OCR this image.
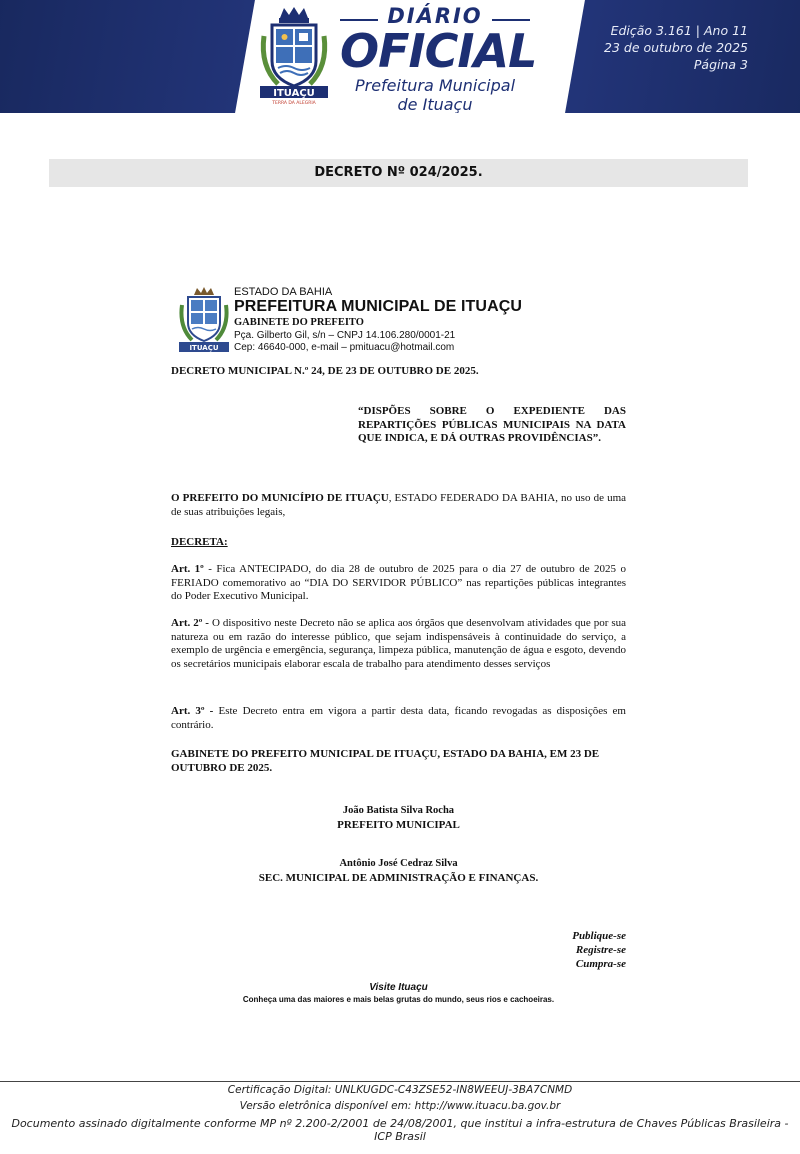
ITUAÇU
TERRA DA ALEGRIA
DIÁRIO
OFICIAL
Prefeitura Municipal
de Ituaçu
Edição 3.161 | Ano 11
23 de outubro de 2025
Página 3
DECRETO Nº 024/2025.
ITUAÇU
ESTADO DA BAHIA
PREFEITURA MUNICIPAL DE ITUAÇU
GABINETE DO PREFEITO
Pça. Gilberto Gil, s/n – CNPJ 14.106.280/0001-21
Cep: 46640-000, e-mail – pmituacu@hotmail.com
DECRETO MUNICIPAL N.º 24, DE 23 DE OUTUBRO DE 2025.
“DISPÕES SOBRE O EXPEDIENTE DAS REPARTIÇÕES PÚBLICAS MUNICIPAIS NA DATA QUE INDICA, E DÁ OUTRAS PROVIDÊNCIAS”.
O PREFEITO DO MUNICÍPIO DE ITUAÇU, ESTADO FEDERADO DA BAHIA, no uso de uma de suas atribuições legais,
DECRETA:
Art. 1º - Fica ANTECIPADO, do dia 28 de outubro de 2025 para o dia 27 de outubro de 2025 o FERIADO comemorativo ao “DIA DO SERVIDOR PÚBLICO” nas repartições públicas integrantes do Poder Executivo Municipal.
Art. 2º - O dispositivo neste Decreto não se aplica aos órgãos que desenvolvam atividades que por sua natureza ou em razão do interesse público, que sejam indispensáveis à continuidade do serviço, a exemplo de urgência e emergência, segurança, limpeza pública, manutenção de água e esgoto, devendo os secretários municipais elaborar escala de trabalho para atendimento desses serviços
Art. 3º - Este Decreto entra em vigora a partir desta data, ficando revogadas as disposições em contrário.
GABINETE DO PREFEITO MUNICIPAL DE ITUAÇU, ESTADO DA BAHIA, EM 23 DE OUTUBRO DE 2025.
João Batista Silva Rocha
PREFEITO MUNICIPAL
Antônio José Cedraz Silva
SEC. MUNICIPAL DE ADMINISTRAÇÃO E FINANÇAS.
Publique-se
Registre-se
Cumpra-se
Visite Ituaçu
Conheça uma das maiores e mais belas grutas do mundo, seus rios e cachoeiras.
Certificação Digital: UNLKUGDC-C43ZSE52-IN8WEEUJ-3BA7CNMD
Versão eletrônica disponível em: http://www.ituacu.ba.gov.br
Documento assinado digitalmente conforme MP nº 2.200-2/2001 de 24/08/2001, que institui a infra-estrutura de Chaves Públicas Brasileira - ICP Brasil
